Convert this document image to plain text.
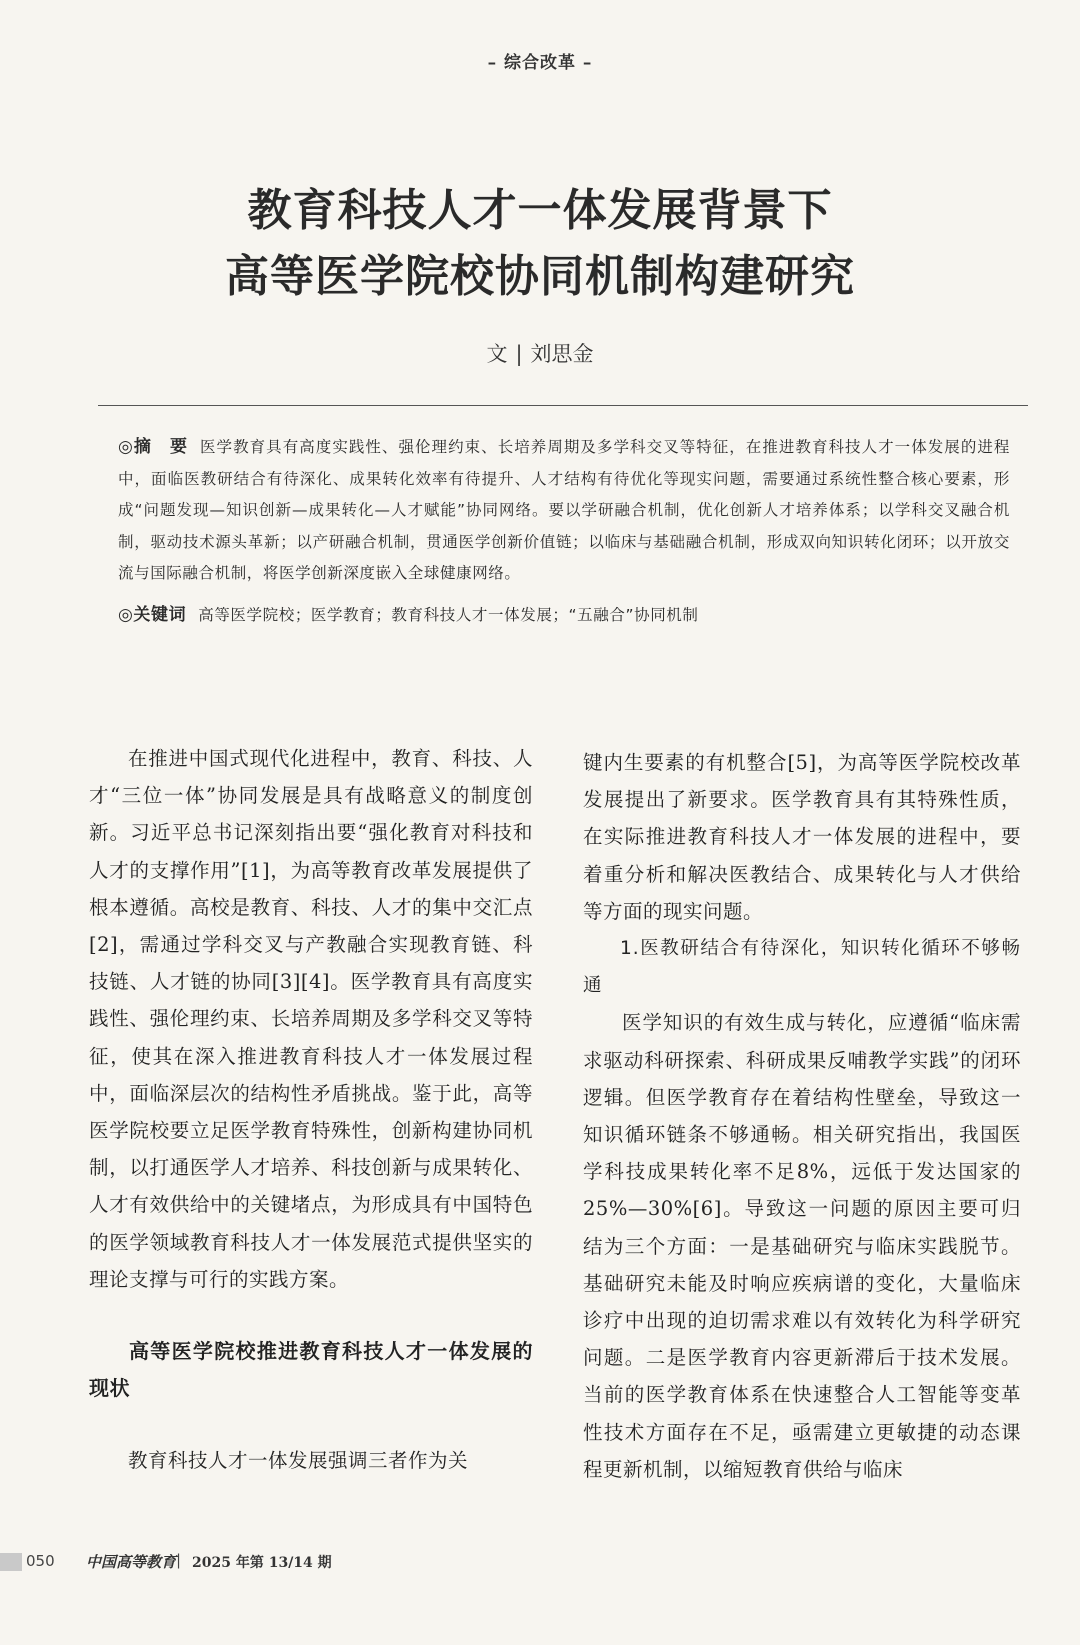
– 综合改革 –
教育科技人才一体发展背景下
高等医学院校协同机制构建研究
文 | 刘思金
◎摘　要 医学教育具有高度实践性、强伦理约束、长培养周期及多学科交叉等特征，在推进教育科技人才一体发展的进程中，面临医教研结合有待深化、成果转化效率有待提升、人才结构有待优化等现实问题，需要通过系统性整合核心要素，形成“问题发现—知识创新—成果转化—人才赋能”协同网络。要以学研融合机制，优化创新人才培养体系；以学科交叉融合机制，驱动技术源头革新；以产研融合机制，贯通医学创新价值链；以临床与基础融合机制，形成双向知识转化闭环；以开放交流与国际融合机制，将医学创新深度嵌入全球健康网络。
◎关键词 高等医学院校；医学教育；教育科技人才一体发展；“五融合”协同机制

在推进中国式现代化进程中，教育、科技、人才“三位一体”协同发展是具有战略意义的制度创新。习近平总书记深刻指出要“强化教育对科技和人才的支撑作用”[1]，为高等教育改革发展提供了根本遵循。高校是教育、科技、人才的集中交汇点[2]，需通过学科交叉与产教融合实现教育链、科技链、人才链的协同[3][4]。医学教育具有高度实践性、强伦理约束、长培养周期及多学科交叉等特征，使其在深入推进教育科技人才一体发展过程中，面临深层次的结构性矛盾挑战。鉴于此，高等医学院校要立足医学教育特殊性，创新构建协同机制，以打通医学人才培养、科技创新与成果转化、人才有效供给中的关键堵点，为形成具有中国特色的医学领域教育科技人才一体发展范式提供坚实的理论支撑与可行的实践方案。

高等医学院校推进教育科技人才一体发展的现状

教育科技人才一体发展强调三者作为关

键内生要素的有机整合[5]，为高等医学院校改革发展提出了新要求。医学教育具有其特殊性质，在实际推进教育科技人才一体发展的进程中，要着重分析和解决医教结合、成果转化与人才供给等方面的现实问题。

1.医教研结合有待深化，知识转化循环不够畅通

医学知识的有效生成与转化，应遵循“临床需求驱动科研探索、科研成果反哺教学实践”的闭环逻辑。但医学教育存在着结构性壁垒，导致这一知识循环链条不够通畅。相关研究指出，我国医学科技成果转化率不足8%，远低于发达国家的25%—30%[6]。导致这一问题的原因主要可归结为三个方面：一是基础研究与临床实践脱节。基础研究未能及时响应疾病谱的变化，大量临床诊疗中出现的迫切需求难以有效转化为科学研究问题。二是医学教育内容更新滞后于技术发展。当前的医学教育体系在快速整合人工智能等变革性技术方面存在不足，亟需建立更敏捷的动态课程更新机制，以缩短教育供给与临床

050 中国高等教育 | 2025 年第 13/14 期
